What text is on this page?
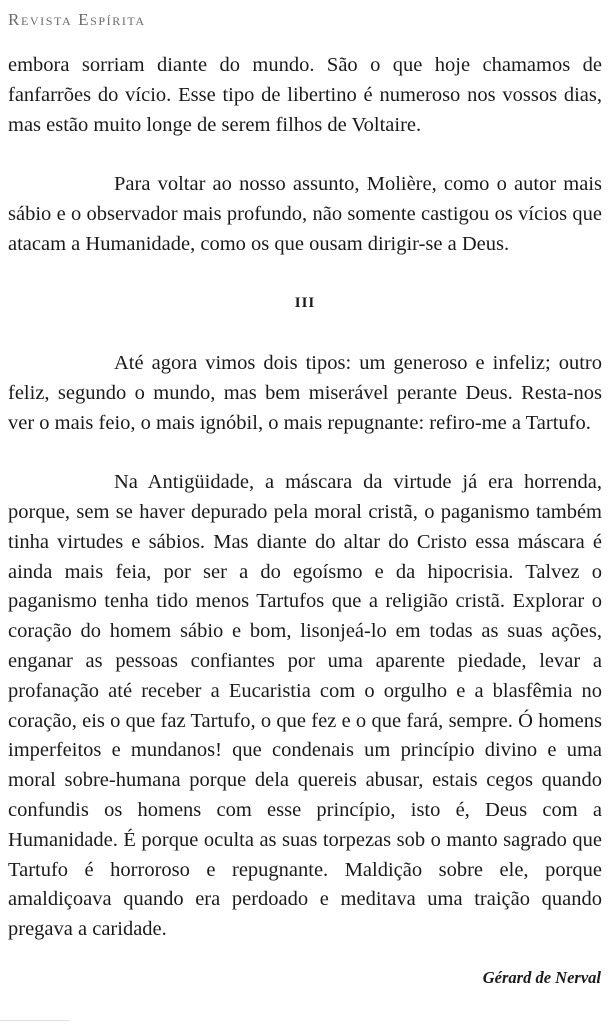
Revista Espírita

embora sorriam diante do mundo. São o que hoje chamamos de fanfarrões do vício. Esse tipo de libertino é numeroso nos vossos dias, mas estão muito longe de serem filhos de Voltaire.

Para voltar ao nosso assunto, Molière, como o autor mais sábio e o observador mais profundo, não somente castigou os vícios que atacam a Humanidade, como os que ousam dirigir-se a Deus.

III

Até agora vimos dois tipos: um generoso e infeliz; outro feliz, segundo o mundo, mas bem miserável perante Deus. Resta-nos ver o mais feio, o mais ignóbil, o mais repugnante: refiro-me a Tartufo.

Na Antigüidade, a máscara da virtude já era horrenda, porque, sem se haver depurado pela moral cristã, o paganismo também tinha virtudes e sábios. Mas diante do altar do Cristo essa máscara é ainda mais feia, por ser a do egoísmo e da hipocrisia. Talvez o paganismo tenha tido menos Tartufos que a religião cristã. Explorar o coração do homem sábio e bom, lisonjeá-lo em todas as suas ações, enganar as pessoas confiantes por uma aparente piedade, levar a profanação até receber a Eucaristia com o orgulho e a blasfêmia no coração, eis o que faz Tartufo, o que fez e o que fará, sempre. Ó homens imperfeitos e mundanos! que condenais um princípio divino e uma moral sobre-humana porque dela quereis abusar, estais cegos quando confundis os homens com esse princípio, isto é, Deus com a Humanidade. É porque oculta as suas torpezas sob o manto sagrado que Tartufo é horroroso e repugnante. Maldição sobre ele, porque amaldiçoava quando era perdoado e meditava uma traição quando pregava a caridade.

Gérard de Nerval
